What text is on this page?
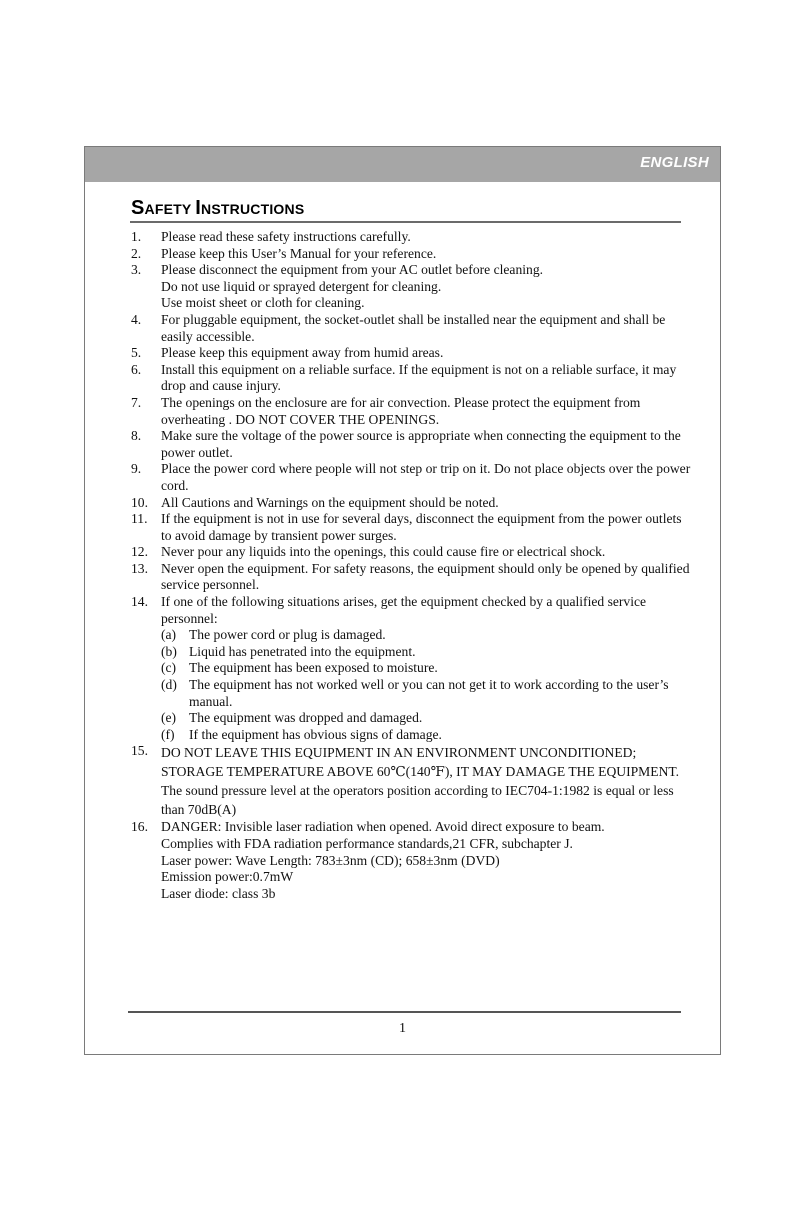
ENGLISH
SAFETY INSTRUCTIONS
1. Please read these safety instructions carefully.
2. Please keep this User’s Manual for your reference.
3. Please disconnect the equipment from your AC outlet before cleaning.
Do not use liquid or sprayed detergent for cleaning.
Use moist sheet or cloth for cleaning.
4. For pluggable equipment, the socket-outlet shall be installed near the equipment and shall be easily accessible.
5. Please keep this equipment away from humid areas.
6. Install this equipment on a reliable surface. If the equipment is not on a reliable surface, it may drop and cause injury.
7. The openings on the enclosure are for air convection. Please protect the equipment from overheating . DO NOT COVER THE OPENINGS.
8. Make sure the voltage of the power source is appropriate when connecting the equipment to the power outlet.
9. Place the power cord where people will not step or trip on it. Do not place objects over the power cord.
10. All Cautions and Warnings on the equipment should be noted.
11. If the equipment is not in use for several days, disconnect the equipment from the power outlets to avoid damage by transient power surges.
12. Never pour any liquids into the openings, this could cause fire or electrical shock.
13. Never open the equipment. For safety reasons, the equipment should only be opened by qualified service personnel.
14. If one of the following situations arises, get the equipment checked by a qualified service personnel:
(a) The power cord or plug is damaged.
(b) Liquid has penetrated into the equipment.
(c) The equipment has been exposed to moisture.
(d) The equipment has not worked well or you can not get it to work according to the user’s manual.
(e) The equipment was dropped and damaged.
(f) If the equipment has obvious signs of damage.
15. DO NOT LEAVE THIS EQUIPMENT IN AN ENVIRONMENT UNCONDITIONED; STORAGE TEMPERATURE ABOVE 60℃(140℉), IT MAY DAMAGE THE EQUIPMENT. The sound pressure level at the operators position according to IEC704-1:1982 is equal or less than 70dB(A)
16. DANGER: Invisible laser radiation when opened. Avoid direct exposure to beam.
Complies with FDA radiation performance standards,21 CFR, subchapter J.
Laser power: Wave Length: 783±3nm (CD); 658±3nm (DVD)
Emission power:0.7mW
Laser diode: class 3b
1
